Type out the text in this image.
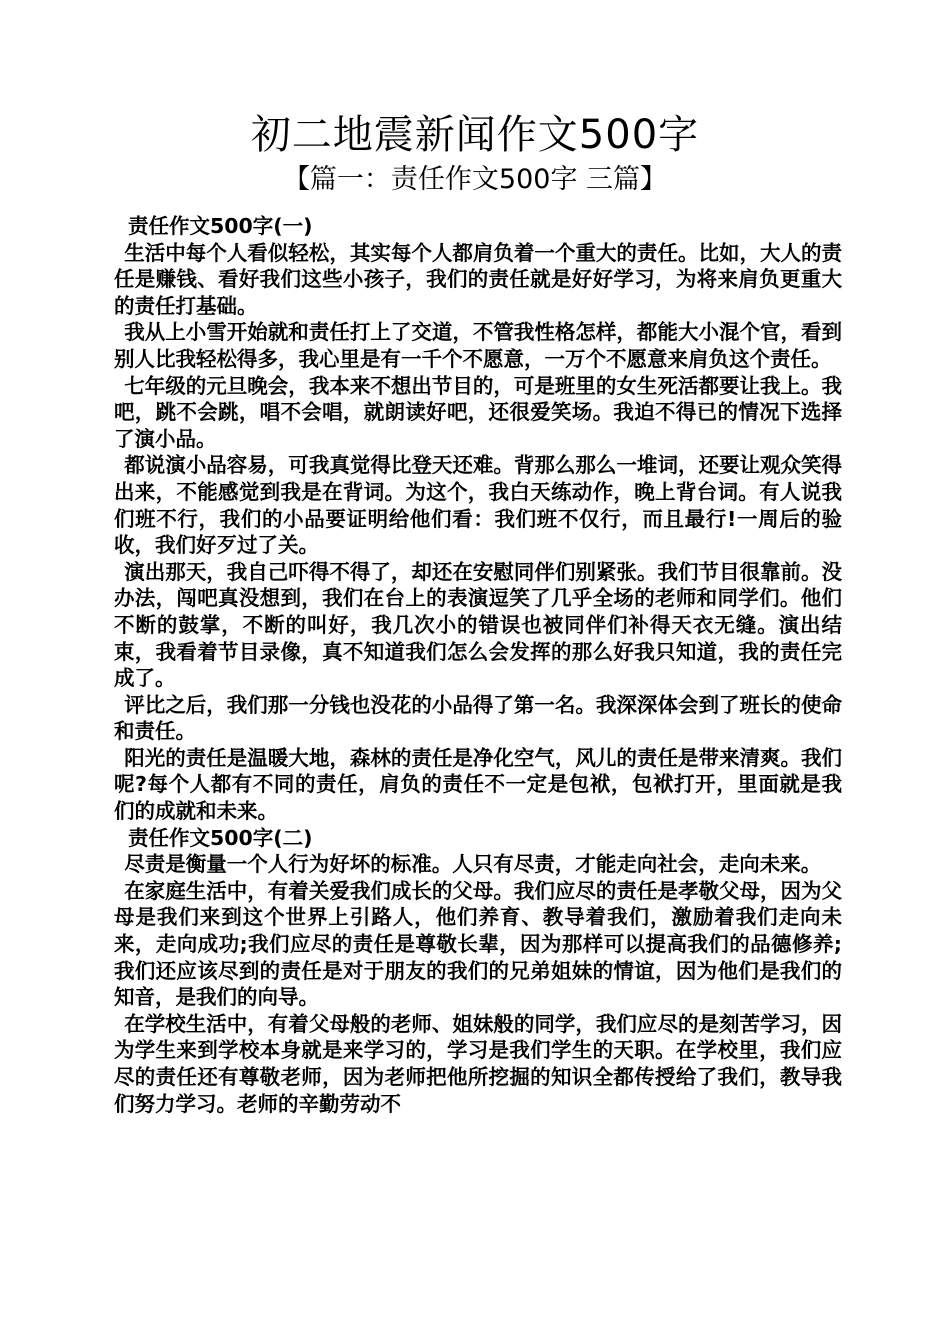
初二地震新闻作文500字
【篇一：责任作文500字 三篇】

责任作文500字(一)

生活中每个人看似轻松，其实每个人都肩负着一个重大的责任。比如，大人的责任是赚钱、看好我们这些小孩子，我们的责任就是好好学习，为将来肩负更重大的责任打基础。

我从上小雪开始就和责任打上了交道，不管我性格怎样，都能大小混个官，看到别人比我轻松得多，我心里是有一千个不愿意，一万个不愿意来肩负这个责任。

七年级的元旦晚会，我本来不想出节目的，可是班里的女生死活都要让我上。我吧，跳不会跳，唱不会唱，就朗读好吧，还很爱笑场。我迫不得已的情况下选择了演小品。

都说演小品容易，可我真觉得比登天还难。背那么那么一堆词，还要让观众笑得出来，不能感觉到我是在背词。为这个，我白天练动作，晚上背台词。有人说我们班不行，我们的小品要证明给他们看：我们班不仅行，而且最行!一周后的验收，我们好歹过了关。

演出那天，我自己吓得不得了，却还在安慰同伴们别紧张。我们节目很靠前。没办法，闯吧真没想到，我们在台上的表演逗笑了几乎全场的老师和同学们。他们不断的鼓掌，不断的叫好，我几次小的错误也被同伴们补得天衣无缝。演出结束，我看着节目录像，真不知道我们怎么会发挥的那么好我只知道，我的责任完成了。

评比之后，我们那一分钱也没花的小品得了第一名。我深深体会到了班长的使命和责任。

阳光的责任是温暖大地，森林的责任是净化空气，风儿的责任是带来清爽。我们呢?每个人都有不同的责任，肩负的责任不一定是包袱，包袱打开，里面就是我们的成就和未来。

责任作文500字(二)

尽责是衡量一个人行为好坏的标准。人只有尽责，才能走向社会，走向未来。

在家庭生活中，有着关爱我们成长的父母。我们应尽的责任是孝敬父母，因为父母是我们来到这个世界上引路人，他们养育、教导着我们，激励着我们走向未来，走向成功;我们应尽的责任是尊敬长辈，因为那样可以提高我们的品德修养;我们还应该尽到的责任是对于朋友的我们的兄弟姐妹的情谊，因为他们是我们的知音，是我们的向导。

在学校生活中，有着父母般的老师、姐妹般的同学，我们应尽的是刻苦学习，因为学生来到学校本身就是来学习的，学习是我们学生的天职。在学校里，我们应尽的责任还有尊敬老师，因为老师把他所挖掘的知识全都传授给了我们，教导我们努力学习。老师的辛勤劳动不
